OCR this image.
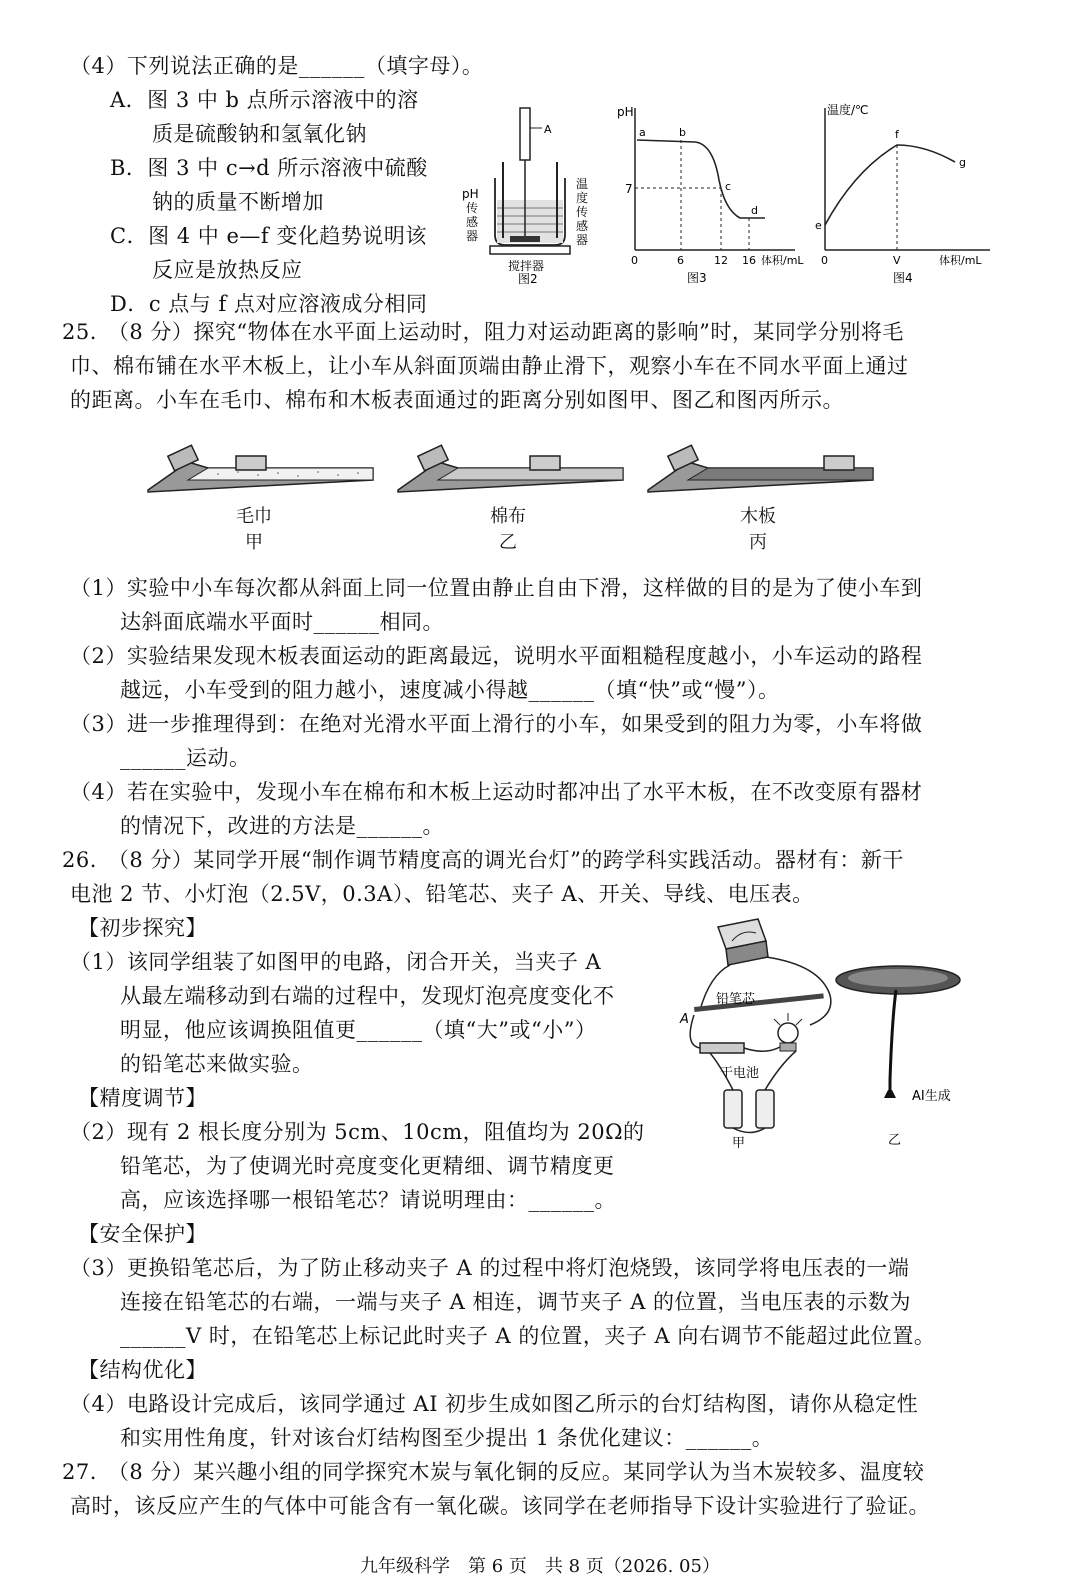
（4）下列说法正确的是______（填字母）。
A．图 3 中 b 点所示溶液中的溶
质是硫酸钠和氢氧化钠
B．图 3 中 c→d 所示溶液中硫酸
钠的质量不断增加
C．图 4 中 e—f 变化趋势说明该
反应是放热反应
D．c 点与 f 点对应溶液成分相同
A
pH
传
感
器
温
度
传
感
器
搅拌器
图2
pH
7
a	b
c
d
0	6	12 16 体积/mL
图3
温度/℃
e
f
g
0	V	体积/mL
图4
25.　（8 分）探究“物体在水平面上运动时，阻力对运动距离的影响”时，某同学分别将毛
巾、棉布铺在水平木板上，让小车从斜面顶端由静止滑下，观察小车在不同水平面上通过
的距离。小车在毛巾、棉布和木板表面通过的距离分别如图甲、图乙和图丙所示。
毛巾
甲
棉布
乙
木板
丙
（1）实验中小车每次都从斜面上同一位置由静止自由下滑，这样做的目的是为了使小车到
达斜面底端水平面时______相同。
（2）实验结果发现木板表面运动的距离最远，说明水平面粗糙程度越小，小车运动的路程
越远，小车受到的阻力越小，速度减小得越______（填“快”或“慢”）。
（3）进一步推理得到：在绝对光滑水平面上滑行的小车，如果受到的阻力为零，小车将做
______运动。
（4）若在实验中，发现小车在棉布和木板上运动时都冲出了水平木板，在不改变原有器材
的情况下，改进的方法是______。
26.　（8 分）某同学开展“制作调节精度高的调光台灯”的跨学科实践活动。器材有：新干
电池 2 节、小灯泡（2.5V，0.3A）、铅笔芯、夹子 A、开关、导线、电压表。
【初步探究】
（1）该同学组装了如图甲的电路，闭合开关，当夹子 A
从最左端移动到右端的过程中，发现灯泡亮度变化不
明显，他应该调换阻值更______（填“大”或“小”）
的铅笔芯来做实验。
【精度调节】
（2）现有 2 根长度分别为 5cm、10cm，阻值均为 20Ω的
铅笔芯，为了使调光时亮度变化更精细、调节精度更
高，应该选择哪一根铅笔芯？请说明理由：______。
铅笔芯
A
干电池
甲
AI生成
乙
【安全保护】
（3）更换铅笔芯后，为了防止移动夹子 A 的过程中将灯泡烧毁，该同学将电压表的一端
连接在铅笔芯的右端，一端与夹子 A 相连，调节夹子 A 的位置，当电压表的示数为
______V 时，在铅笔芯上标记此时夹子 A 的位置，夹子 A 向右调节不能超过此位置。
【结构优化】
（4）电路设计完成后，该同学通过 AI 初步生成如图乙所示的台灯结构图，请你从稳定性
和实用性角度，针对该台灯结构图至少提出 1 条优化建议：______。
27.　（8 分）某兴趣小组的同学探究木炭与氧化铜的反应。某同学认为当木炭较多、温度较
高时，该反应产生的气体中可能含有一氧化碳。该同学在老师指导下设计实验进行了验证。
九年级科学　第 6 页　共 8 页（2026. 05）
